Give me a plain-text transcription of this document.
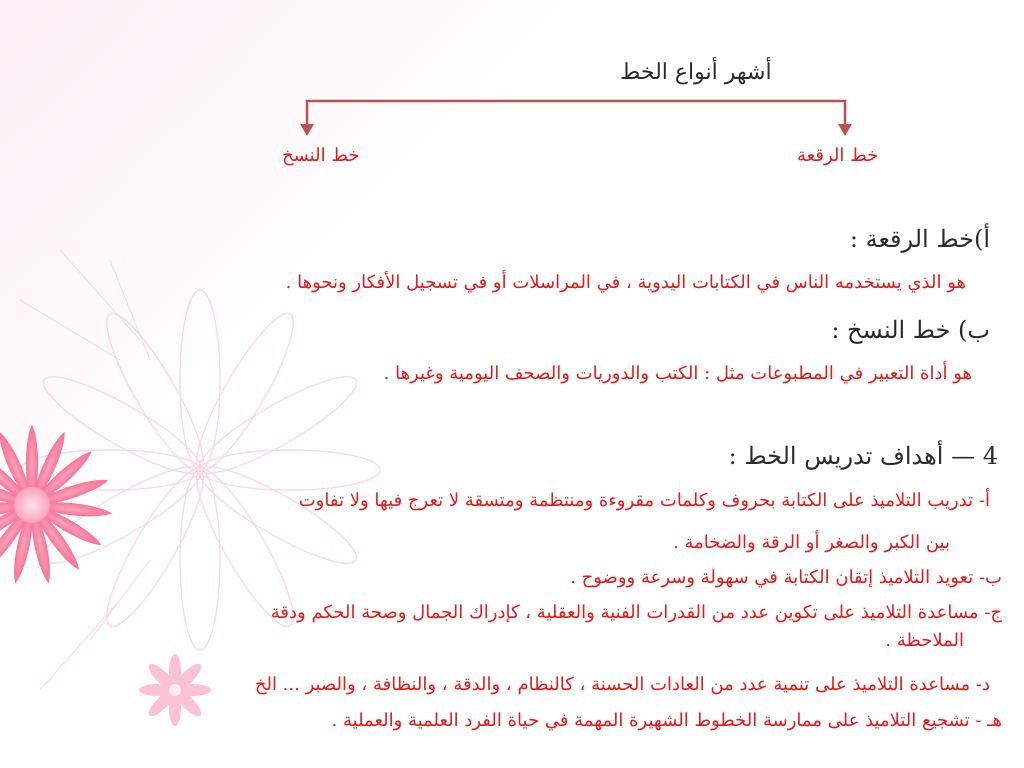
أشهر أنواع الخط
خط النسخ	خط الرقعة
أ)خط الرقعة :
هو الذي يستخدمه الناس في الكتابات اليدوية ، في المراسلات أو في تسجيل الأفكار ونحوها .
ب) خط النسخ :
هو أداة التعبير في المطبوعات مثل : الكتب والدوريات والصحف اليومية وغيرها .
4 — أهداف تدريس الخط :
أ- تدريب التلاميذ على الكتابة بحروف وكلمات مقروءة ومنتظمة ومتسقة لا تعرج فيها ولا تفاوت
بين الكبر والصغر أو الرقة والضخامة .
ب- تعويد التلاميذ إتقان الكتابة في سهولة وسرعة ووضوح .
ج- مساعدة التلاميذ على تكوين عدد من القدرات الفنية والعقلية ، كإدراك الجمال وصحة الحكم ودقة
الملاحظة .
د- مساعدة التلاميذ على تنمية عدد من العادات الحسنة ، كالنظام ، والدقة ، والنظافة ، والصبر ... الخ
هـ - تشجيع التلاميذ على ممارسة الخطوط الشهيرة المهمة في حياة الفرد العلمية والعملية .
